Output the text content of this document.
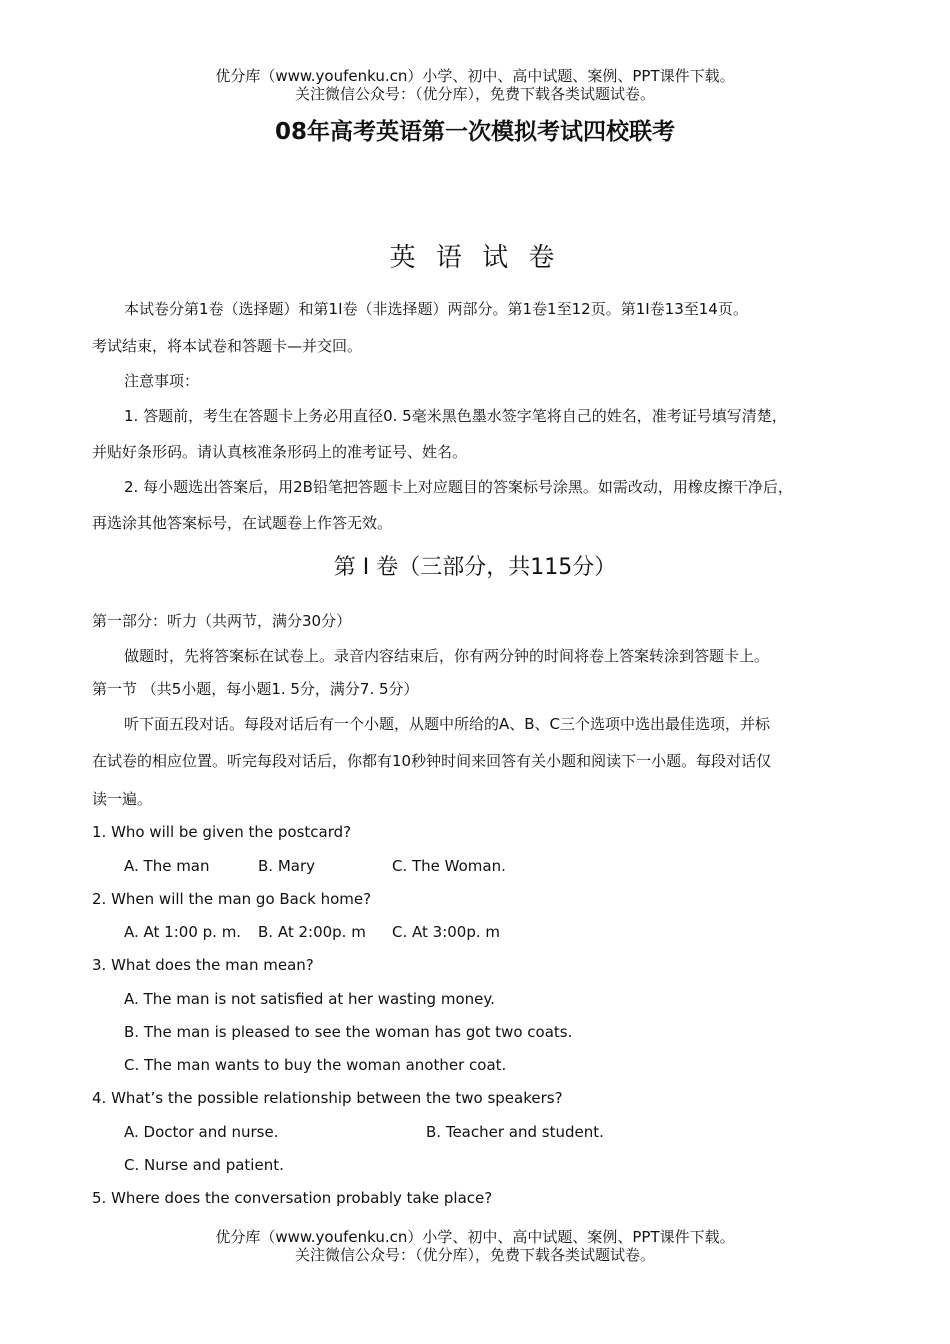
优分库（www.youfenku.cn）小学、初中、高中试题、案例、PPT课件下载。
关注微信公众号：（优分库），免费下载各类试题试卷。
08年高考英语第一次模拟考试四校联考
英 语 试 卷
本试卷分第1卷（选择题）和第1I卷（非选择题）两部分。第1卷1至12页。第1I卷13至14页。
考试结束，将本试卷和答题卡—并交回。
注意事项：
1. 答题前，考生在答题卡上务必用直径0. 5毫米黑色墨水签字笔将自己的姓名，准考证号填写清楚，
并贴好条形码。请认真核准条形码上的准考证号、姓名。
2. 每小题选出答案后，用2B铅笔把答题卡上对应题目的答案标号涂黑。如需改动，用橡皮擦干净后，
再选涂其他答案标号，在试题卷上作答无效。
第 I 卷（三部分，共115分）
第一部分：听力（共两节，满分30分）
做题时，先将答案标在试卷上。录音内容结束后，你有两分钟的时间将卷上答案转涂到答题卡上。
第一节 （共5小题，每小题1. 5分，满分7. 5分）
听下面五段对话。每段对话后有一个小题，从题中所给的A、B、C三个选项中选出最佳选项，并标
在试卷的相应位置。听完每段对话后，你都有10秒钟时间来回答有关小题和阅读下一小题。每段对话仅
读一遍。
1. Who will be given the postcard?
A. The man	B. Mary	C. The Woman.
2. When will the man go Back home?
A. At 1:00 p. m. B. At 2:00p. m C. At 3:00p. m
3. What does the man mean?
A. The man is not satisfied at her wasting money.
B. The man is pleased to see the woman has got two coats.
C. The man wants to buy the woman another coat.
4. What’s the possible relationship between the two speakers?
A. Doctor and nurse.	B. Teacher and student.
C. Nurse and patient.
5. Where does the conversation probably take place?
优分库（www.youfenku.cn）小学、初中、高中试题、案例、PPT课件下载。
关注微信公众号：（优分库），免费下载各类试题试卷。
